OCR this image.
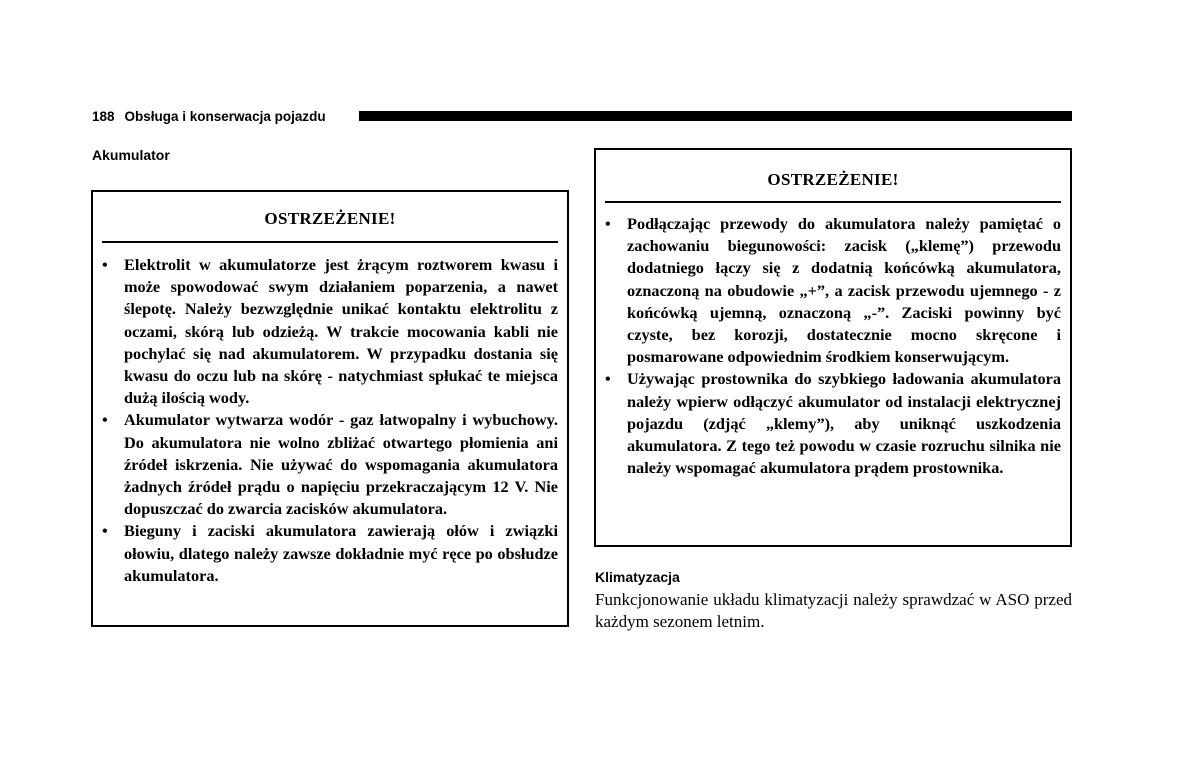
188 Obsługa i konserwacja pojazdu
Akumulator
OSTRZEŻENIE!
• Elektrolit w akumulatorze jest żrącym roztworem kwasu i może spowodować swym działaniem poparzenia, a nawet ślepotę. Należy bezwzględnie unikać kontaktu elektrolitu z oczami, skórą lub odzieżą. W trakcie mocowania kabli nie pochylać się nad akumulatorem. W przypadku dostania się kwasu do oczu lub na skórę - natychmiast spłukać te miejsca dużą ilością wody.
• Akumulator wytwarza wodór - gaz łatwopalny i wybuchowy. Do akumulatora nie wolno zbliżać otwartego płomienia ani źródeł iskrzenia. Nie używać do wspomagania akumulatora żadnych źródeł prądu o napięciu przekraczającym 12 V. Nie dopuszczać do zwarcia zacisków akumulatora.
• Bieguny i zaciski akumulatora zawierają ołów i związki ołowiu, dlatego należy zawsze dokładnie myć ręce po obsłudze akumulatora.
OSTRZEŻENIE!
• Podłączając przewody do akumulatora należy pamiętać o zachowaniu biegunowości: zacisk („klemę”) przewodu dodatniego łączy się z dodatnią końcówką akumulatora, oznaczoną na obudowie „+”, a zacisk przewodu ujemnego - z końcówką ujemną, oznaczoną „-”. Zaciski powinny być czyste, bez korozji, dostatecznie mocno skręcone i posmarowane odpowiednim środkiem konserwującym.
• Używając prostownika do szybkiego ładowania akumulatora należy wpierw odłączyć akumulator od instalacji elektrycznej pojazdu (zdjąć „klemy”), aby uniknąć uszkodzenia akumulatora. Z tego też powodu w czasie rozruchu silnika nie należy wspomagać akumulatora prądem prostownika.
Klimatyzacja
Funkcjonowanie układu klimatyzacji należy sprawdzać w ASO przed każdym sezonem letnim.
